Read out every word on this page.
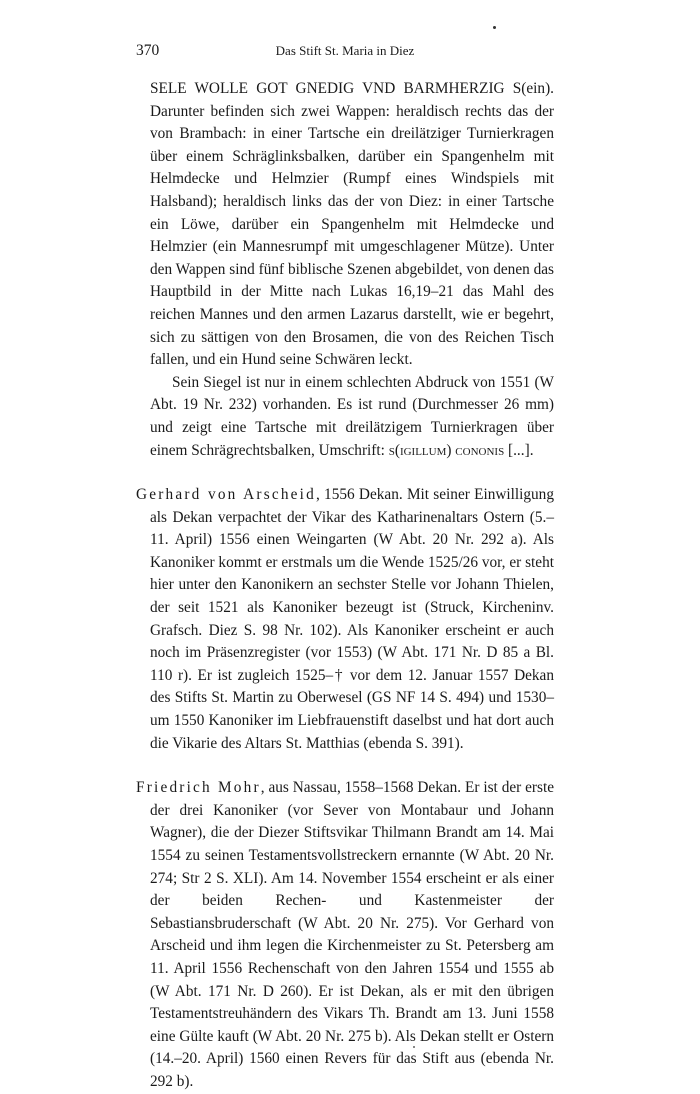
370	Das Stift St. Maria in Diez

SELE WOLLE GOT GNEDIG VND BARMHERZIG S(ein). Darunter befinden sich zwei Wappen: heraldisch rechts das der von Brambach: in einer Tartsche ein dreilätziger Turnierkragen über einem Schräglinksbalken, darüber ein Spangenhelm mit Helmdecke und Helmzier (Rumpf eines Windspiels mit Halsband); heraldisch links das der von Diez: in einer Tartsche ein Löwe, darüber ein Spangenhelm mit Helmdecke und Helmzier (ein Mannesrumpf mit umgeschlagener Mütze). Unter den Wappen sind fünf biblische Szenen abgebildet, von denen das Hauptbild in der Mitte nach Lukas 16,19–21 das Mahl des reichen Mannes und den armen Lazarus darstellt, wie er begehrt, sich zu sättigen von den Brosamen, die von des Reichen Tisch fallen, und ein Hund seine Schwären leckt.

Sein Siegel ist nur in einem schlechten Abdruck von 1551 (W Abt. 19 Nr. 232) vorhanden. Es ist rund (Durchmesser 26 mm) und zeigt eine Tartsche mit dreilätzigem Turnierkragen über einem Schrägrechtsbalken, Umschrift: s(igillum) cononis [...].

Gerhard von Arscheid, 1556 Dekan. Mit seiner Einwilligung als Dekan verpachtet der Vikar des Katharinenaltars Ostern (5.–11. April) 1556 einen Weingarten (W Abt. 20 Nr. 292 a). Als Kanoniker kommt er erstmals um die Wende 1525/26 vor, er steht hier unter den Kanonikern an sechster Stelle vor Johann Thielen, der seit 1521 als Kanoniker bezeugt ist (Struck, Kircheninv. Grafsch. Diez S. 98 Nr. 102). Als Kanoniker erscheint er auch noch im Präsenzregister (vor 1553) (W Abt. 171 Nr. D 85 a Bl. 110 r). Er ist zugleich 1525–† vor dem 12. Januar 1557 Dekan des Stifts St. Martin zu Oberwesel (GS NF 14 S. 494) und 1530–um 1550 Kanoniker im Liebfrauenstift daselbst und hat dort auch die Vikarie des Altars St. Matthias (ebenda S. 391).

Friedrich Mohr, aus Nassau, 1558–1568 Dekan. Er ist der erste der drei Kanoniker (vor Sever von Montabaur und Johann Wagner), die der Diezer Stiftsvikar Thilmann Brandt am 14. Mai 1554 zu seinen Testamentsvollstreckern ernannte (W Abt. 20 Nr. 274; Str 2 S. XLI). Am 14. November 1554 erscheint er als einer der beiden Rechen- und Kastenmeister der Sebastiansbruderschaft (W Abt. 20 Nr. 275). Vor Gerhard von Arscheid und ihm legen die Kirchenmeister zu St. Petersberg am 11. April 1556 Rechenschaft von den Jahren 1554 und 1555 ab (W Abt. 171 Nr. D 260). Er ist Dekan, als er mit den übrigen Testamentstreuhändern des Vikars Th. Brandt am 13. Juni 1558 eine Gülte kauft (W Abt. 20 Nr. 275 b). Als Dekan stellt er Ostern (14.–20. April) 1560 einen Revers für das Stift aus (ebenda Nr. 292 b).
